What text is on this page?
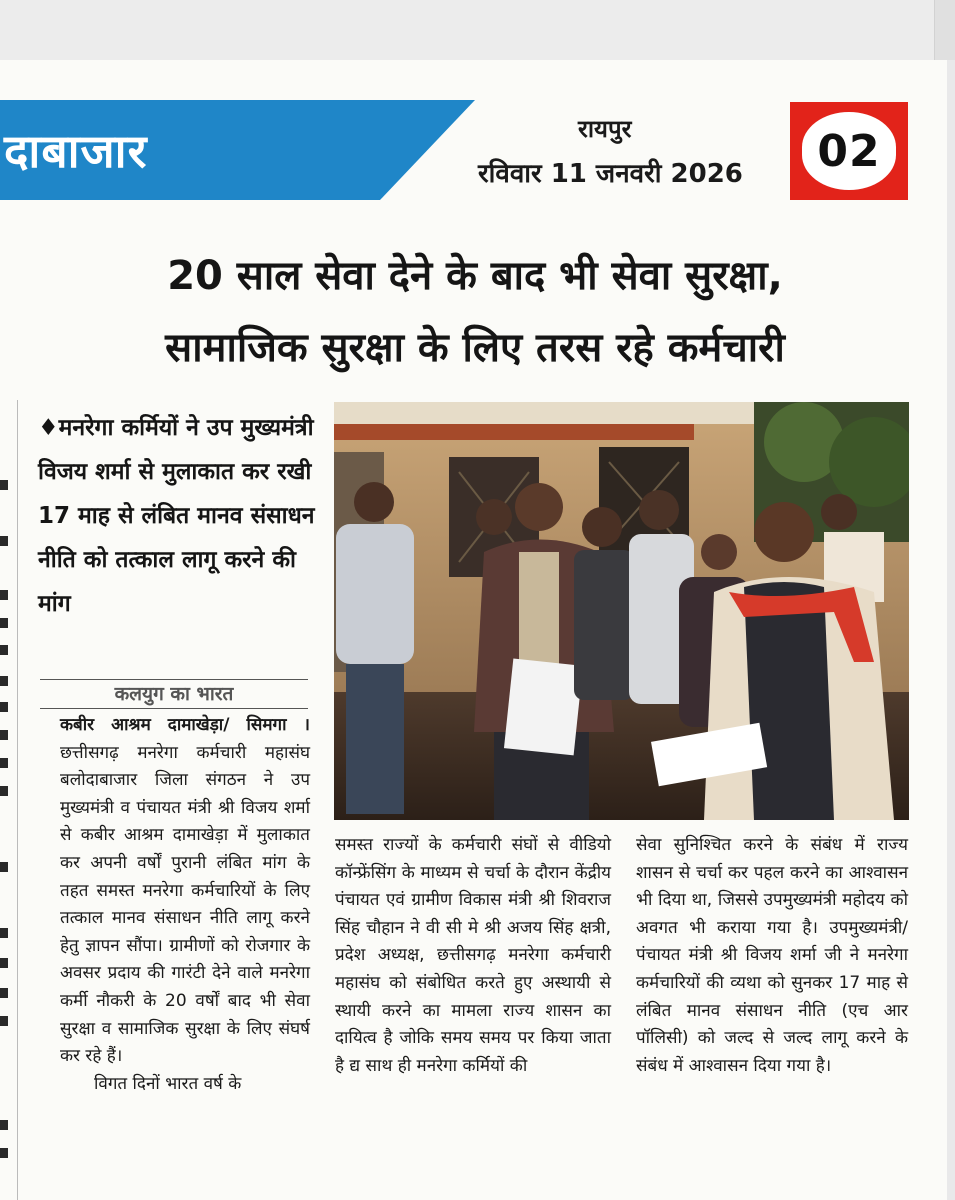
दाबाजार	रायपुर
रविवार 11 जनवरी 2026 02
20 साल सेवा देने के बाद भी सेवा सुरक्षा,
सामाजिक सुरक्षा के लिए तरस रहे कर्मचारी
♦मनरेगा कर्मियों ने उप मुख्यमंत्री विजय शर्मा से मुलाकात कर रखी 17 माह से लंबित मानव संसाधन नीति को तत्काल लागू करने की मांग
कलयुग का भारत

कबीर आश्रम दामाखेड़ा/ सिमगा । छत्तीसगढ़ मनरेगा कर्मचारी महासंघ बलोदाबाजार जिला संगठन ने उप मुख्यमंत्री व पंचायत मंत्री श्री विजय शर्मा से कबीर आश्रम दामाखेड़ा में मुलाकात कर अपनी वर्षों पुरानी लंबित मांग के तहत समस्त मनरेगा कर्मचारियों के लिए तत्काल मानव संसाधन नीति लागू करने हेतु ज्ञापन सौंपा। ग्रामीणों को रोजगार के अवसर प्रदाय की गारंटी देने वाले मनरेगा कर्मी नौकरी के 20 वर्षों बाद भी सेवा सुरक्षा व सामाजिक सुरक्षा के लिए संघर्ष कर रहे हैं।

विगत दिनों भारत वर्ष के

समस्त राज्यों के कर्मचारी संघों से वीडियो कॉन्फ्रेंसिंग के माध्यम से चर्चा के दौरान केंद्रीय पंचायत एवं ग्रामीण विकास मंत्री श्री शिवराज सिंह चौहान ने वी सी मे श्री अजय सिंह क्षत्री, प्रदेश अध्यक्ष, छत्तीसगढ़ मनरेगा कर्मचारी महासंघ को संबोधित करते हुए अस्थायी से स्थायी करने का मामला राज्य शासन का दायित्व है जोकि समय समय पर किया जाता है द्य साथ ही मनरेगा कर्मियों की

सेवा सुनिश्चित करने के संबंध में राज्य शासन से चर्चा कर पहल करने का आश्वासन भी दिया था, जिससे उपमुख्यमंत्री महोदय को अवगत भी कराया गया है। उपमुख्यमंत्री/ पंचायत मंत्री श्री विजय शर्मा जी ने मनरेगा कर्मचारियों की व्यथा को सुनकर 17 माह से लंबित मानव संसाधन नीति (एच आर पॉलिसी) को जल्द से जल्द लागू करने के संबंध में आश्वासन दिया गया है।
